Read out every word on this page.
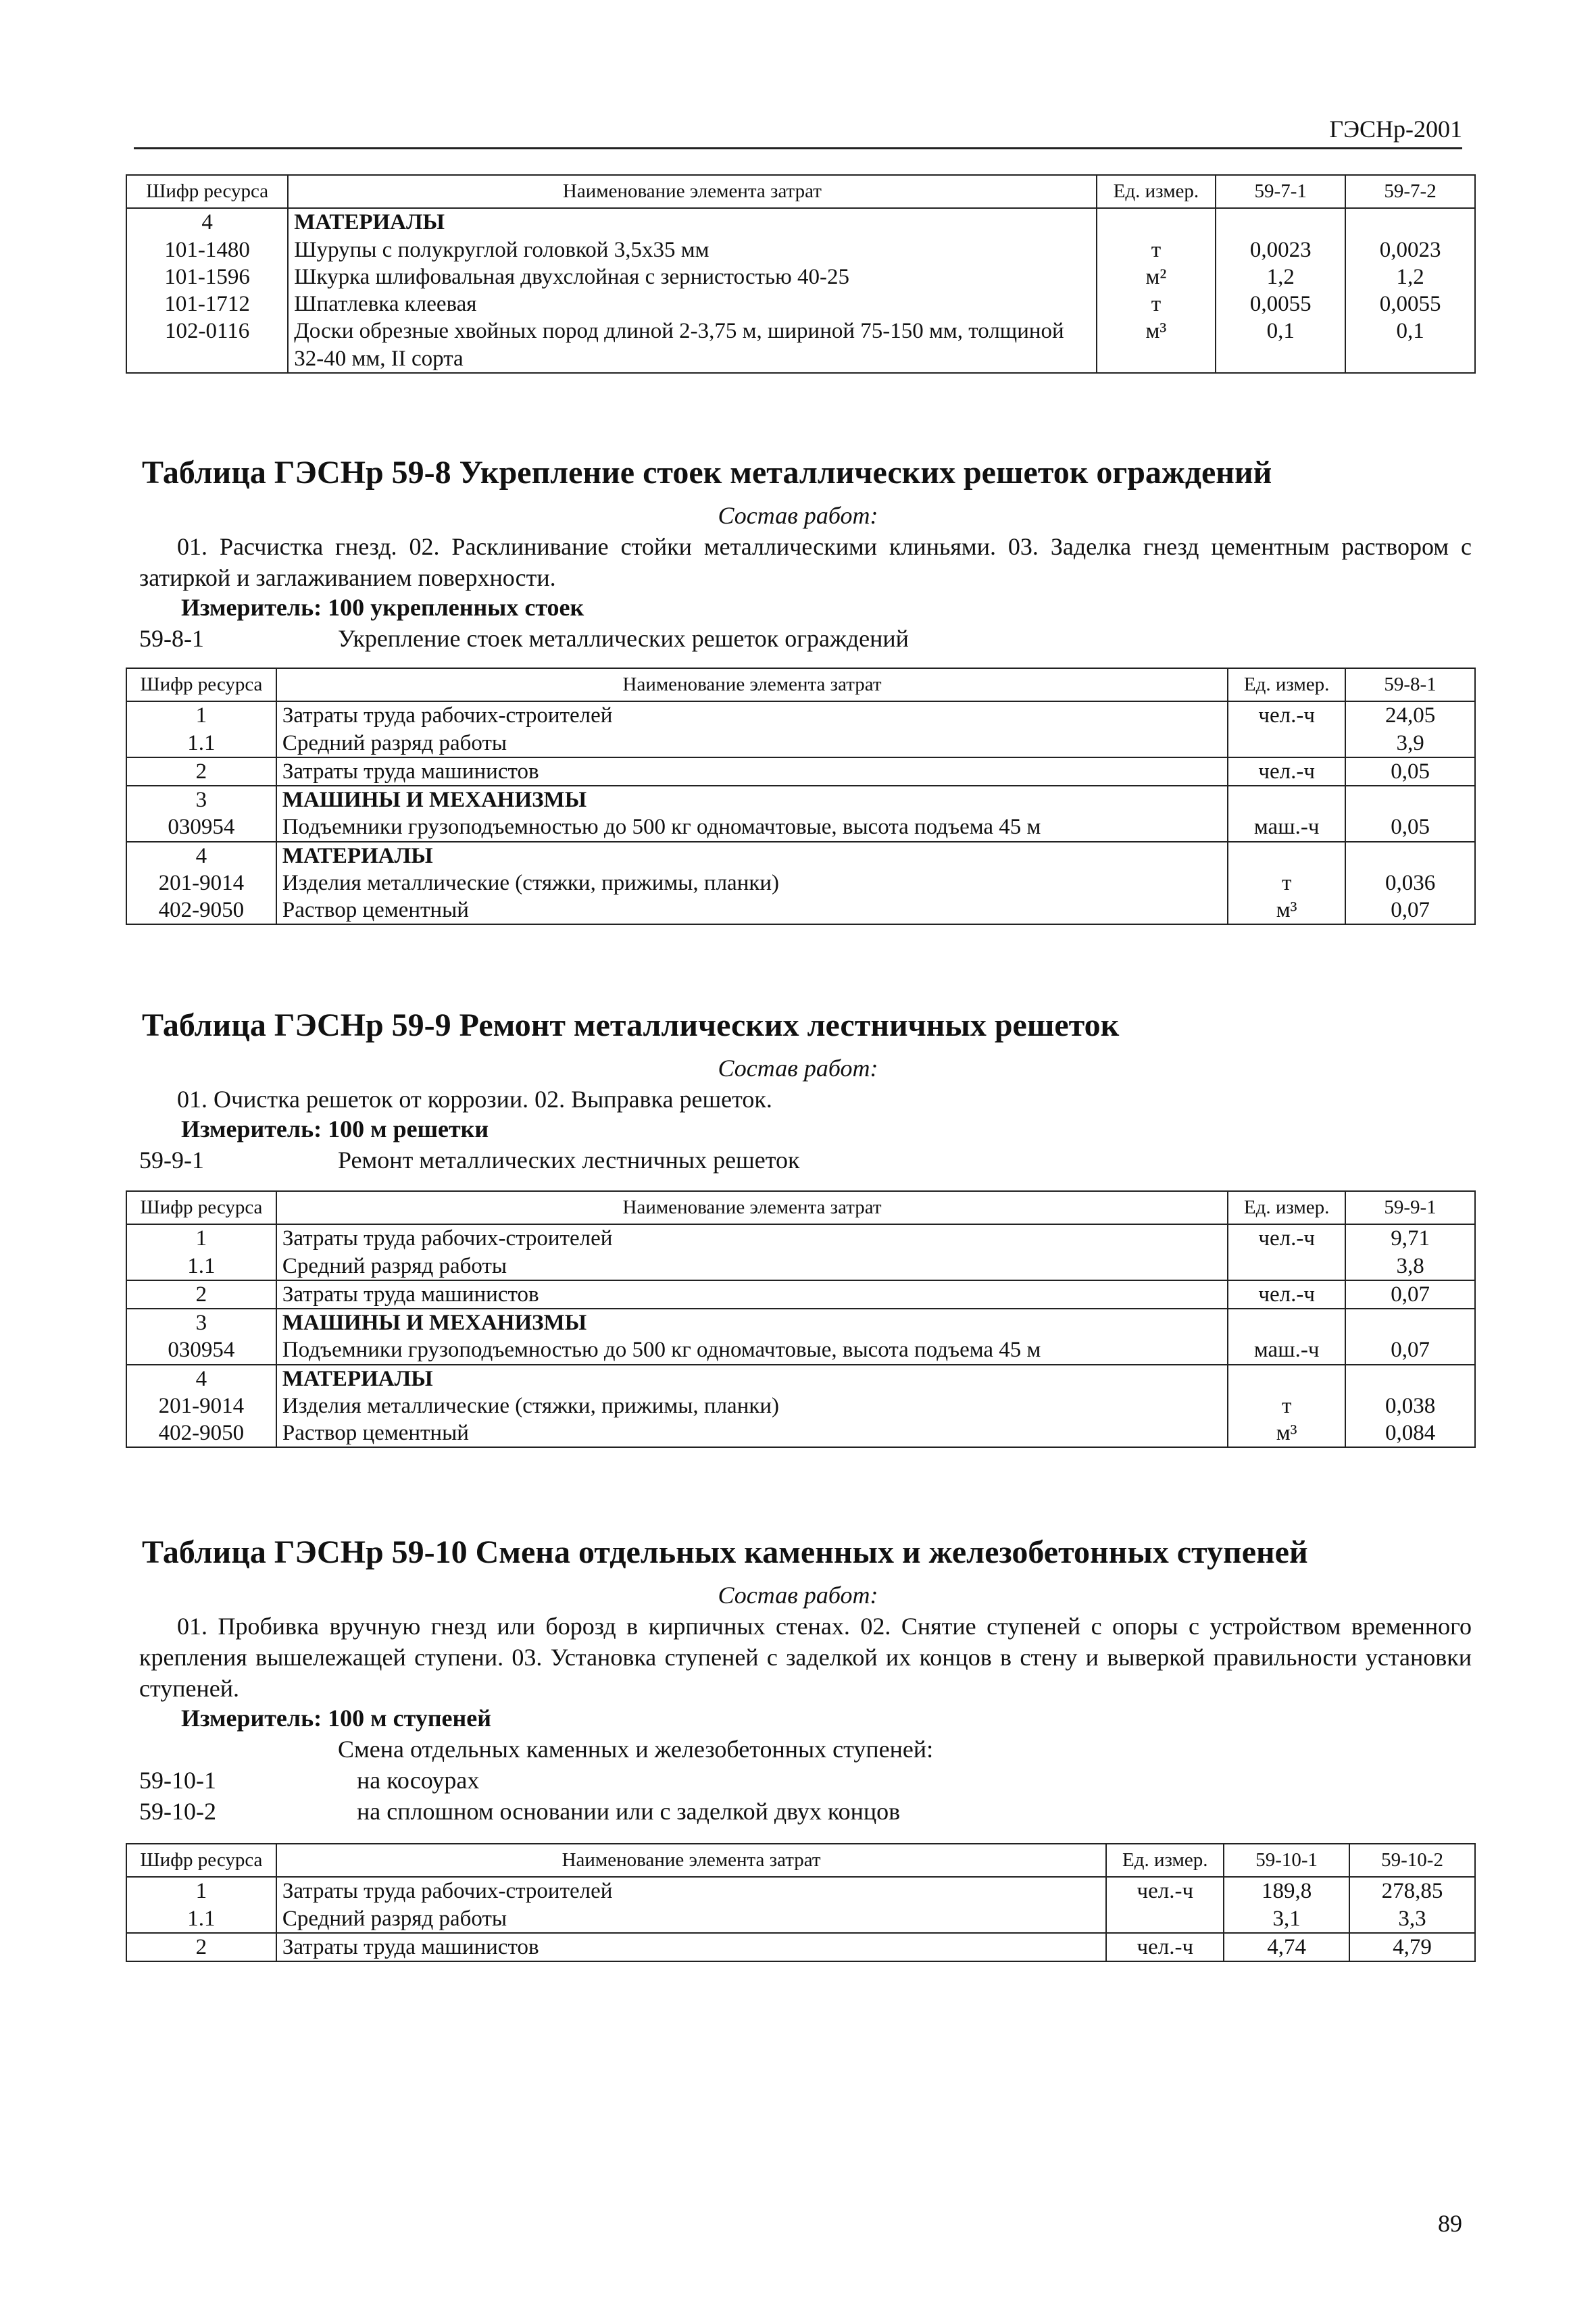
ГЭСНр-2001
Шифр ресурса	Наименование элемента затрат	Ед. измер.	59-7-1	59-7-2
4	МАТЕРИАЛЫ			
101-1480	Шурупы с полукруглой головкой 3,5х35 мм	т	0,0023	0,0023
101-1596	Шкурка шлифовальная двухслойная с зернистостью 40-25	м²	1,2	1,2
101-1712	Шпатлевка клеевая	т	0,0055	0,0055
102-0116	Доски обрезные хвойных пород длиной 2-3,75 м, шириной 75-150 мм, толщиной 32-40 мм, II сорта	м³	0,1	0,1
Таблица ГЭСНр 59-8 Укрепление стоек металлических решеток ограждений
Состав работ:
01. Расчистка гнезд. 02. Расклинивание стойки металлическими клиньями. 03. Заделка гнезд цементным раствором с затиркой и заглаживанием поверхности.
Измеритель: 100 укрепленных стоек
59-8-1	Укрепление стоек металлических решеток ограждений
Шифр ресурса	Наименование элемента затрат	Ед. измер.	59-8-1
1	Затраты труда рабочих-строителей	чел.-ч	24,05
1.1	Средний разряд работы		3,9
2	Затраты труда машинистов	чел.-ч	0,05
3	МАШИНЫ И МЕХАНИЗМЫ		
030954	Подъемники грузоподъемностью до 500 кг одномачтовые, высота подъема 45 м	маш.-ч	0,05
4	МАТЕРИАЛЫ		
201-9014	Изделия металлические (стяжки, прижимы, планки)	т	0,036
402-9050	Раствор цементный	м³	0,07
Таблица ГЭСНр 59-9 Ремонт металлических лестничных решеток
Состав работ:
01. Очистка решеток от коррозии. 02. Выправка решеток.
Измеритель: 100 м решетки
59-9-1	Ремонт металлических лестничных решеток
Шифр ресурса	Наименование элемента затрат	Ед. измер.	59-9-1
1	Затраты труда рабочих-строителей	чел.-ч	9,71
1.1	Средний разряд работы		3,8
2	Затраты труда машинистов	чел.-ч	0,07
3	МАШИНЫ И МЕХАНИЗМЫ		
030954	Подъемники грузоподъемностью до 500 кг одномачтовые, высота подъема 45 м	маш.-ч	0,07
4	МАТЕРИАЛЫ		
201-9014	Изделия металлические (стяжки, прижимы, планки)	т	0,038
402-9050	Раствор цементный	м³	0,084
Таблица ГЭСНр 59-10 Смена отдельных каменных и железобетонных ступеней
Состав работ:
01. Пробивка вручную гнезд или борозд в кирпичных стенах. 02. Снятие ступеней с опоры с устройством временного крепления вышележащей ступени. 03. Установка ступеней с заделкой их концов в стену и выверкой правильности установки ступеней.
Измеритель: 100 м ступеней
Смена отдельных каменных и железобетонных ступеней:
59-10-1	на косоурах
59-10-2	на сплошном основании или с заделкой двух концов
Шифр ресурса	Наименование элемента затрат	Ед. измер.	59-10-1	59-10-2
1	Затраты труда рабочих-строителей	чел.-ч	189,8	278,85
1.1	Средний разряд работы		3,1	3,3
2	Затраты труда машинистов	чел.-ч	4,74	4,79
89
